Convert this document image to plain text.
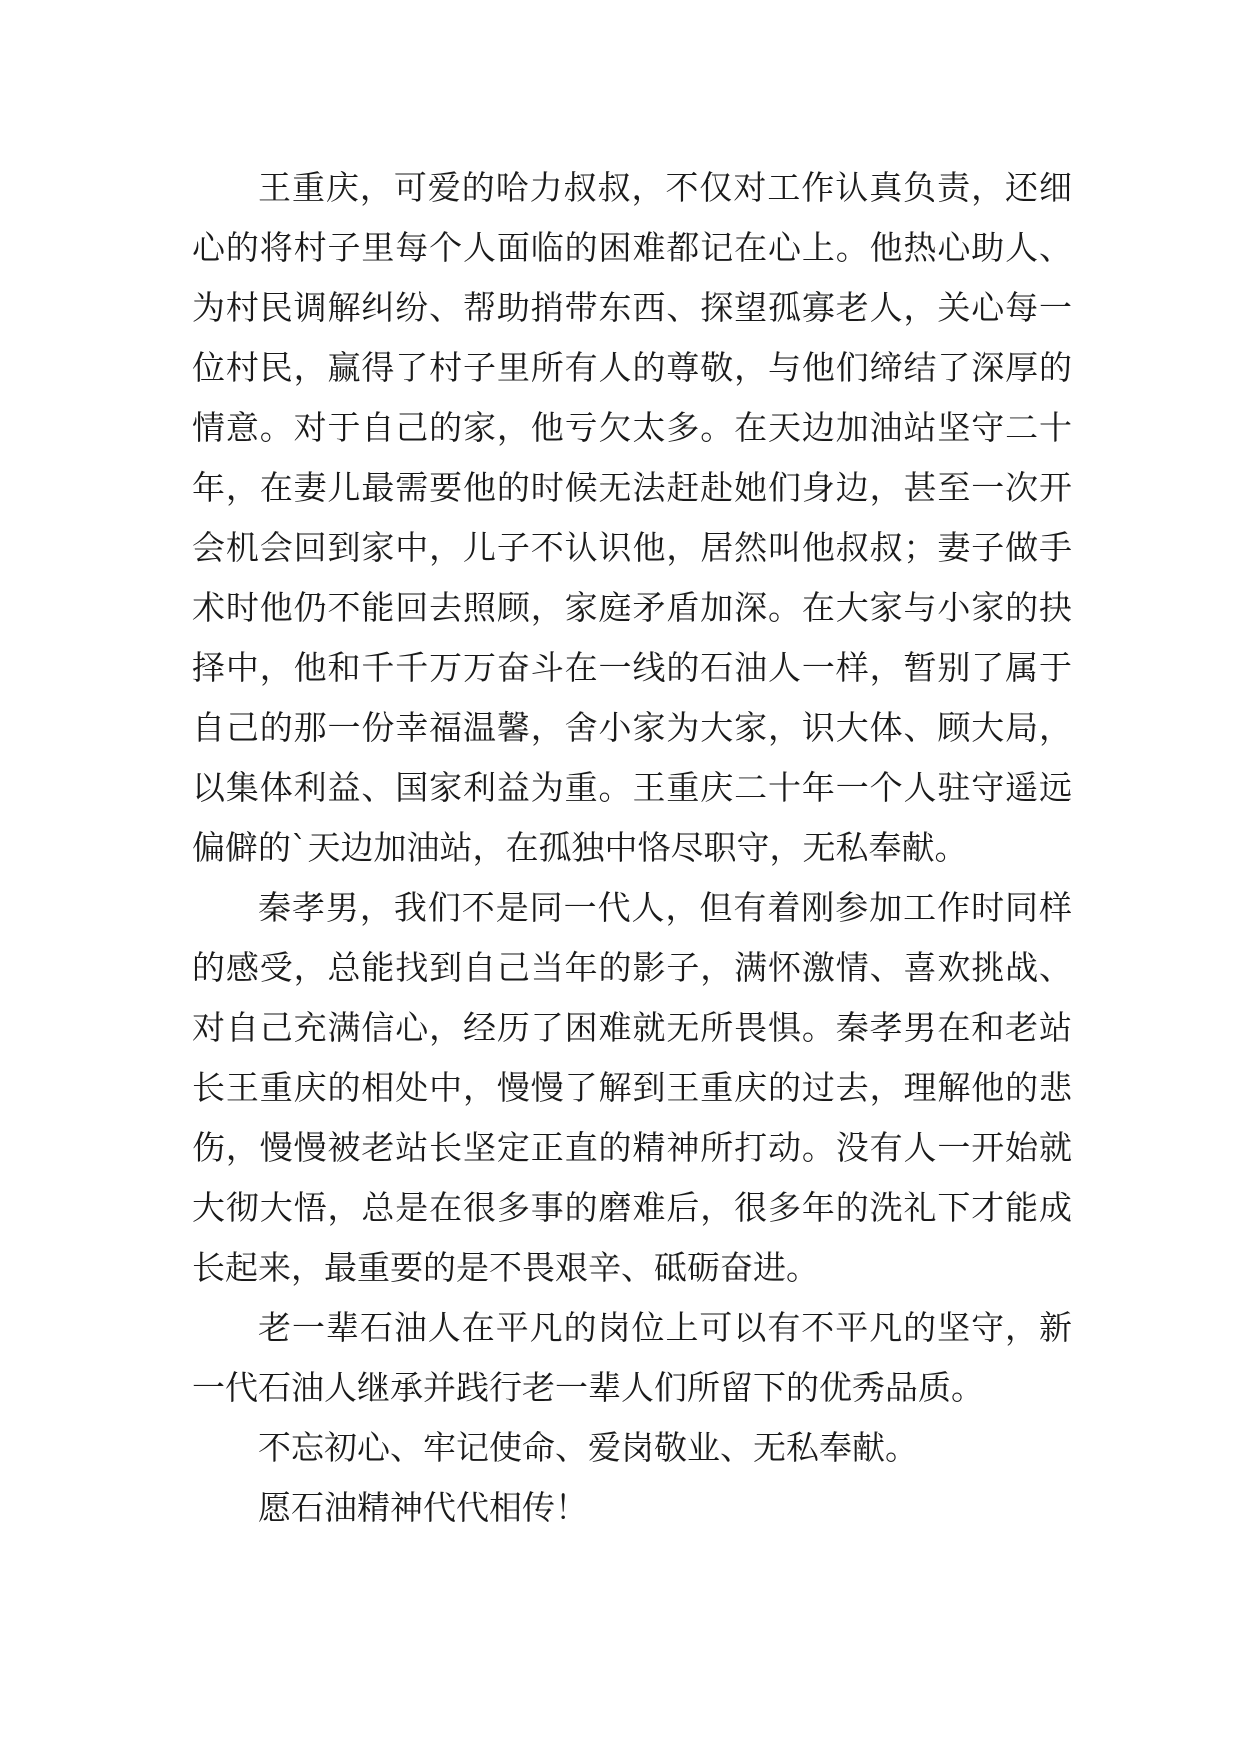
王重庆，可爱的哈力叔叔，不仅对工作认真负责，还细
心的将村子里每个人面临的困难都记在心上。他热心助人、
为村民调解纠纷、帮助捎带东西、探望孤寡老人，关心每一
位村民，赢得了村子里所有人的尊敬，与他们缔结了深厚的
情意。对于自己的家，他亏欠太多。在天边加油站坚守二十
年，在妻儿最需要他的时候无法赶赴她们身边，甚至一次开
会机会回到家中，儿子不认识他，居然叫他叔叔；妻子做手
术时他仍不能回去照顾，家庭矛盾加深。在大家与小家的抉
择中，他和千千万万奋斗在一线的石油人一样，暂别了属于
自己的那一份幸福温馨，舍小家为大家，识大体、顾大局，
以集体利益、国家利益为重。王重庆二十年一个人驻守遥远
偏僻的`天边加油站，在孤独中恪尽职守，无私奉献。
秦孝男，我们不是同一代人，但有着刚参加工作时同样
的感受，总能找到自己当年的影子，满怀激情、喜欢挑战、
对自己充满信心，经历了困难就无所畏惧。秦孝男在和老站
长王重庆的相处中，慢慢了解到王重庆的过去，理解他的悲
伤，慢慢被老站长坚定正直的精神所打动。没有人一开始就
大彻大悟，总是在很多事的磨难后，很多年的洗礼下才能成
长起来，最重要的是不畏艰辛、砥砺奋进。
老一辈石油人在平凡的岗位上可以有不平凡的坚守，新
一代石油人继承并践行老一辈人们所留下的优秀品质。
不忘初心、牢记使命、爱岗敬业、无私奉献。
愿石油精神代代相传！
